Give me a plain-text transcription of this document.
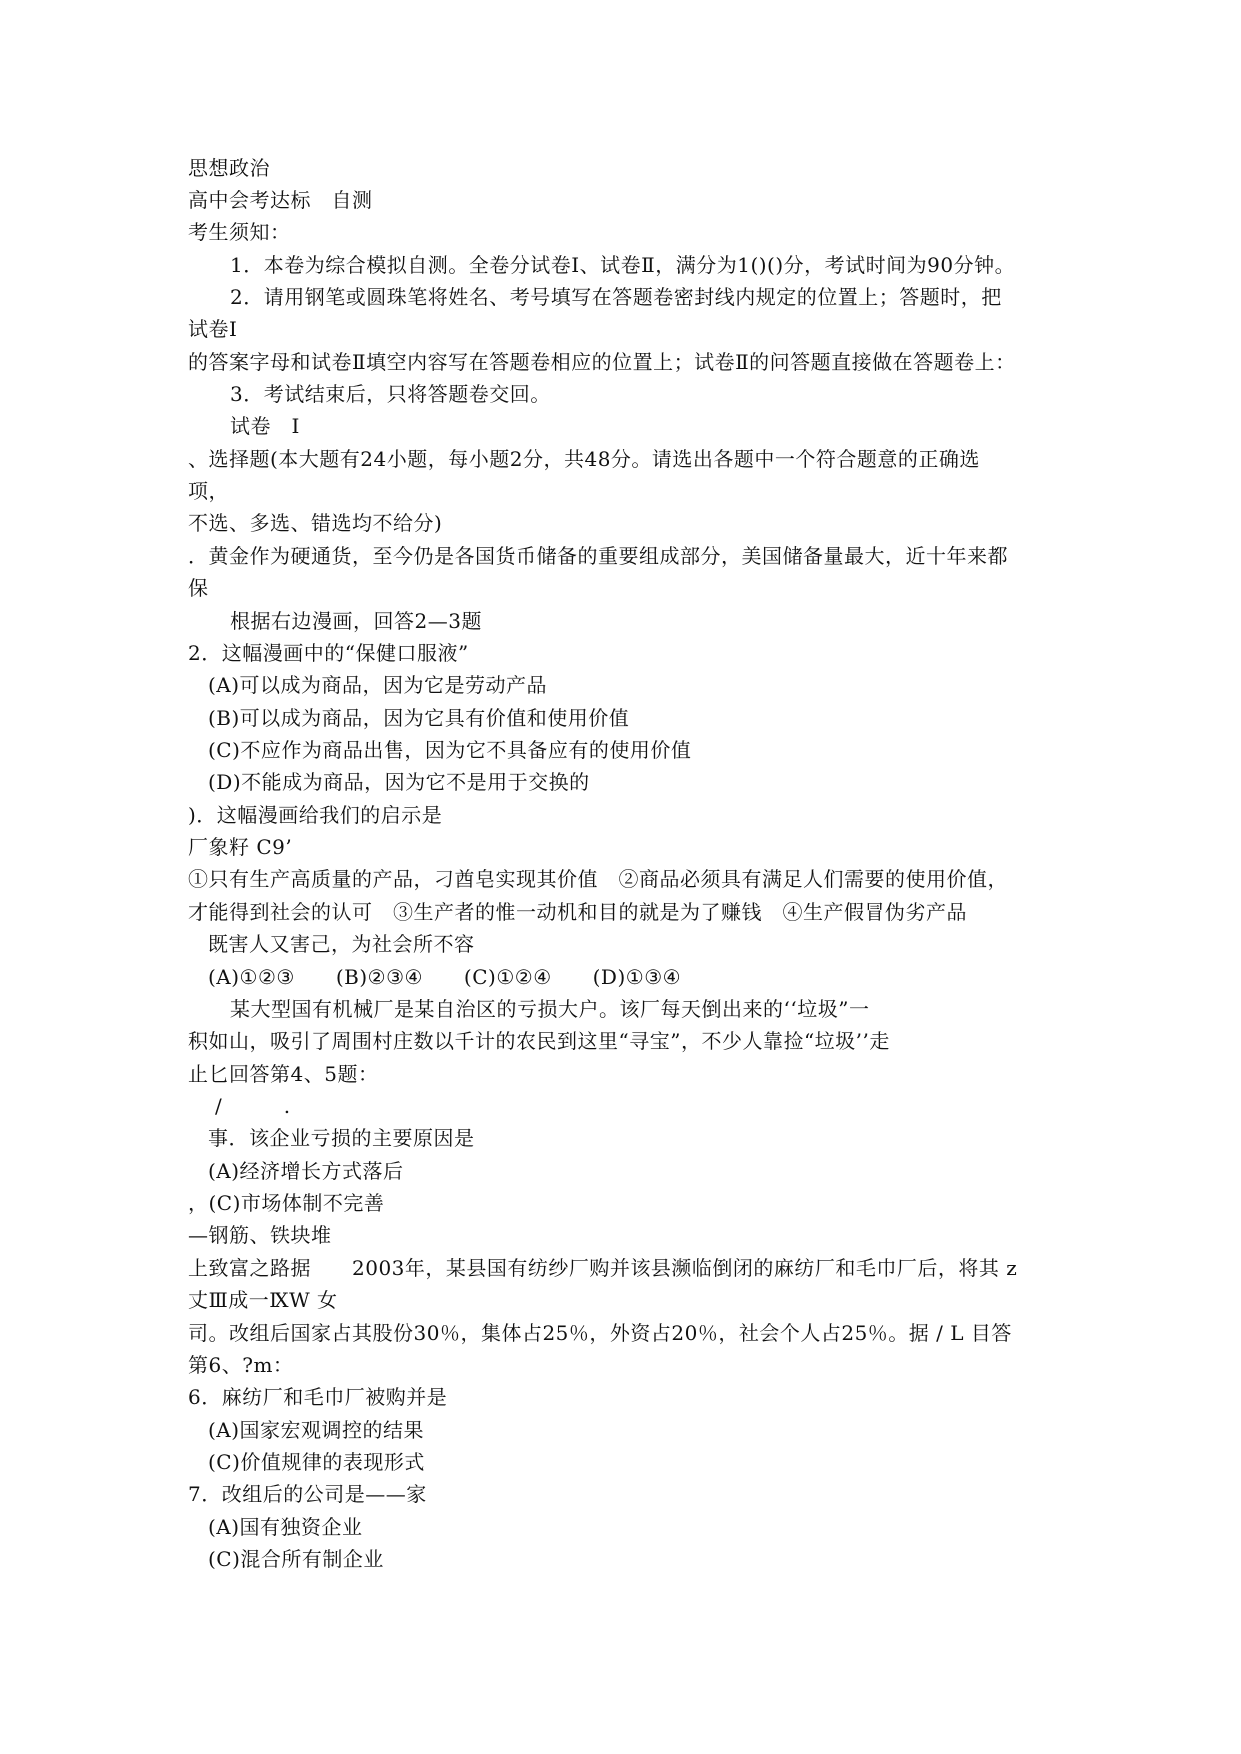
思想政治
高中会考达标　自测
考生须知：
1．本卷为综合模拟自测。全卷分试卷Ⅰ、试卷Ⅱ，满分为1()()分，考试时间为90分钟。
2．请用钢笔或圆珠笔将姓名、考号填写在答题卷密封线内规定的位置上；答题时，把
试卷Ⅰ
的答案字母和试卷Ⅱ填空内容写在答题卷相应的位置上；试卷Ⅱ的问答题直接做在答题卷上：
3．考试结束后，只将答题卷交回。
试卷　Ⅰ
、选择题(本大题有24小题，每小题2分，共48分。请选出各题中一个符合题意的正确选
项，
不选、多选、错选均不给分)
．黄金作为硬通货，至今仍是各国货币储备的重要组成部分，美国储备量最大，近十年来都
保
根据右边漫画，回答2—3题
2．这幅漫画中的“保健口服液”
(A)可以成为商品，因为它是劳动产品
(B)可以成为商品，因为它具有价值和使用价值
(C)不应作为商品出售，因为它不具备应有的使用价值
(D)不能成为商品，因为它不是用于交换的
)．这幅漫画给我们的启示是
厂象籽 C9’
①只有生产高质量的产品，刁酋皂实现其价值　②商品必须具有满足人们需要的使用价值，
才能得到社会的认可　③生产者的惟一动机和目的就是为了赚钱　④生产假冒伪劣产品
既害人又害己，为社会所不容
(A)①②③　　(B)②③④　　(C)①②④　　(D)①③④
某大型国有机械厂是某自治区的亏损大户。该厂每天倒出来的‘‘垃圾”一
积如山，吸引了周围村庄数以千计的农民到这里“寻宝”，不少人靠捡“垃圾’’走
止匕回答第4、5题：
/　　　.
事．该企业亏损的主要原因是
(A)经济增长方式落后
，(C)市场体制不完善
—钢筋、铁块堆
上致富之路据　　2003年，某县国有纺纱厂购并该县濒临倒闭的麻纺厂和毛巾厂后，将其 z
丈Ⅲ成一ⅨW 女
司。改组后国家占其股份30％，集体占25％，外资占20％，社会个人占25％。据 / L 目答
第6、?m：
6．麻纺厂和毛巾厂被购并是
(A)国家宏观调控的结果
(C)价值规律的表现形式
7．改组后的公司是——家
(A)国有独资企业
(C)混合所有制企业
